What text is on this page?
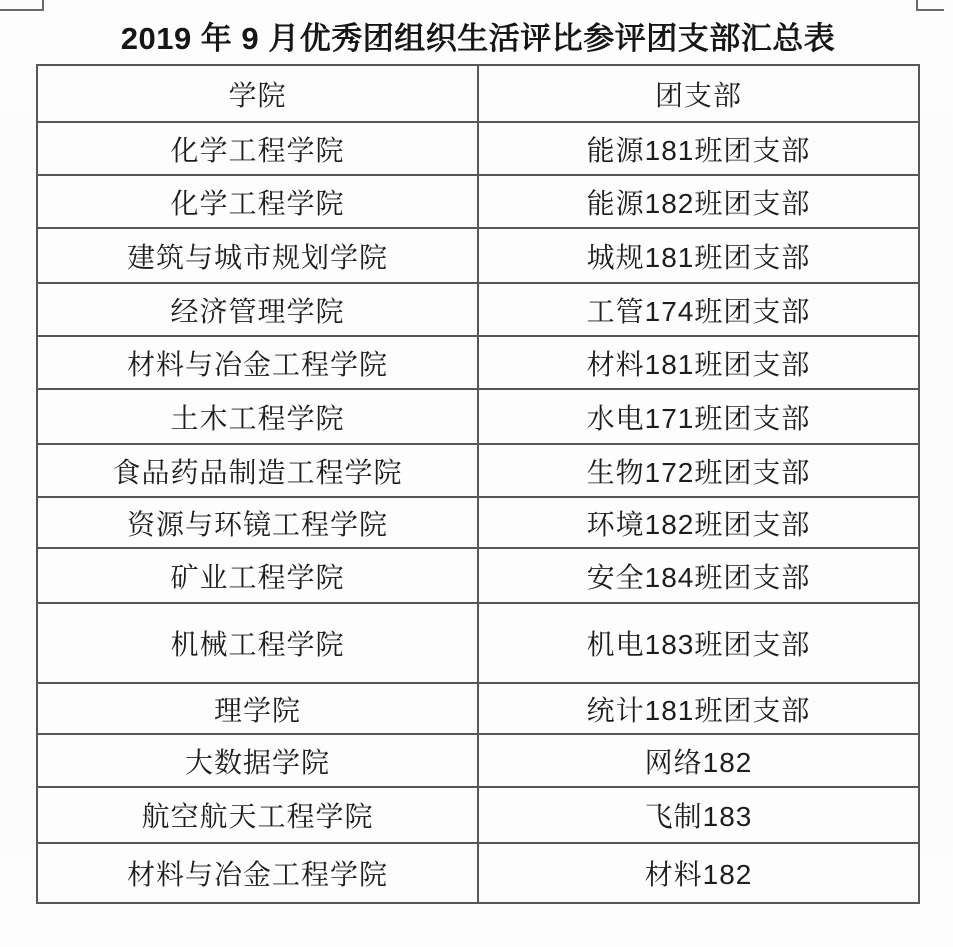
2019 年 9 月优秀团组织生活评比参评团支部汇总表
学院	团支部
化学工程学院	能源181班团支部
化学工程学院	能源182班团支部
建筑与城市规划学院	城规181班团支部
经济管理学院	工管174班团支部
材料与冶金工程学院	材料181班团支部
土木工程学院	水电171班团支部
食品药品制造工程学院	生物172班团支部
资源与环镜工程学院	环境182班团支部
矿业工程学院	安全184班团支部
机械工程学院	机电183班团支部
理学院	统计181班团支部
大数据学院	网络182
航空航天工程学院	飞制183
材料与冶金工程学院	材料182
